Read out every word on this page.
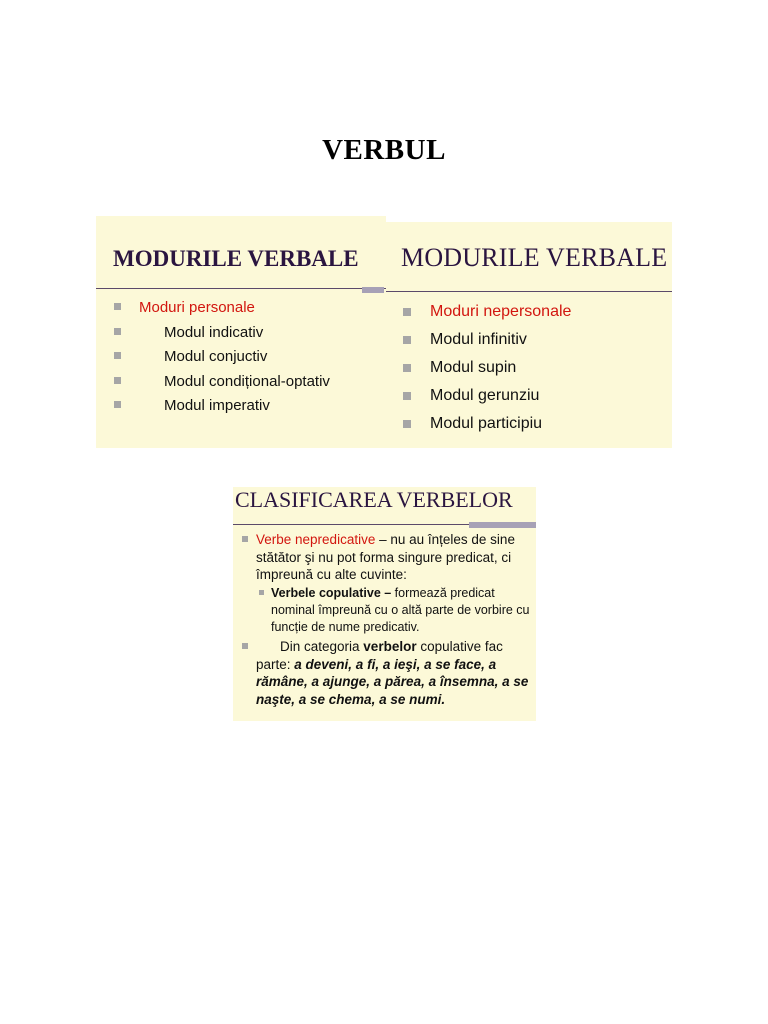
VERBUL
MODURILE VERBALE
Moduri personale
Modul indicativ
Modul conjuctiv
Modul condițional-optativ
Modul imperativ
MODURILE VERBALE
Moduri nepersonale
Modul infinitiv
Modul supin
Modul gerunziu
Modul participiu
CLASIFICAREA VERBELOR
Verbe nepredicative – nu au înțeles de sine stătător şi nu pot forma singure predicat, ci împreună cu alte cuvinte:
Verbele copulative – formează predicat nominal împreună cu o altă parte de vorbire cu funcție de nume predicativ.
Din categoria verbelor copulative fac parte: a deveni, a fi, a ieşi, a se face, a rămâne, a ajunge, a părea, a însemna, a se naşte, a se chema, a se numi.
